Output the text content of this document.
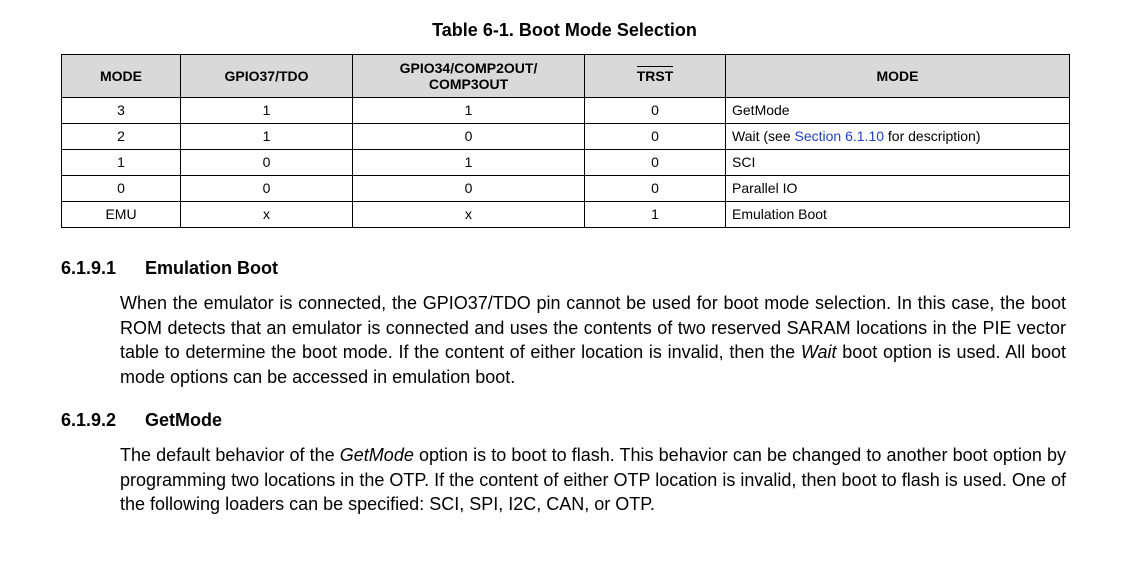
Table 6-1. Boot Mode Selection
MODE	GPIO37/TDO	GPIO34/COMP2OUT/
COMP3OUT	TRST	MODE
3	1	1	0	GetMode
2	1	0	0	Wait (see Section 6.1.10 for description)
1	0	1	0	SCI
0	0	0	0	Parallel IO
EMU	x	x	1	Emulation Boot
6.1.9.1 Emulation Boot
When the emulator is connected, the GPIO37/TDO pin cannot be used for boot mode selection. In this case, the boot ROM detects that an emulator is connected and uses the contents of two reserved SARAM locations in the PIE vector table to determine the boot mode. If the content of either location is invalid, then the Wait boot option is used. All boot mode options can be accessed in emulation boot.
6.1.9.2 GetMode
The default behavior of the GetMode option is to boot to flash. This behavior can be changed to another boot option by programming two locations in the OTP. If the content of either OTP location is invalid, then boot to flash is used. One of the following loaders can be specified: SCI, SPI, I2C, CAN, or OTP.
